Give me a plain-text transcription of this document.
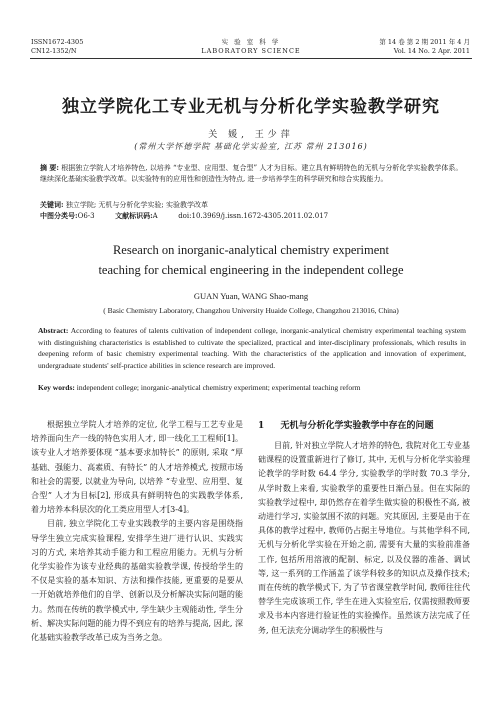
ISSN1672-4305
CN12-1352/N
实 验 室 科 学
LABORATORY SCIENCE
第 14 卷 第 2 期 2011 年 4 月
Vol. 14 No. 2 Apr. 2011
独立学院化工专业无机与分析化学实验教学研究
关 媛, 王少萍
(常州大学怀德学院 基础化学实验室, 江苏 常州 213016)
摘 要: 根据独立学院人才培养特色, 以培养 “专业型、应用型、复合型” 人才为目标。建立具有鲜明特色的无机与分析化学实验教学体系。继续深化基础实验教学改革。以实验特有的应用性和创造性为特点, 进一步培养学生的科学研究和综合实践能力。
关键词: 独立学院; 无机与分析化学实验; 实验教学改革
中图分类号:O6-3	文献标识码:A	doi:10.3969/j.issn.1672-4305.2011.02.017
Research on inorganic-analytical chemistry experiment
teaching for chemical engineering in the independent college
GUAN Yuan, WANG Shao-mang
( Basic Chemistry Laboratory, Changzhou University Huaide College, Changzhou 213016, China)
Abstract: According to features of talents cultivation of independent college, inorganic-analytical chemistry experimental teaching system with distinguishing characteristics is established to cultivate the specialized, practical and inter-disciplinary professionals, which results in deepening reform of basic chemistry experimental teaching. With the characteristics of the application and innovation of experiment, undergraduate students' self-practice abilities in science research are improved.
Key words: independent college; inorganic-analytical chemistry experiment; experimental teaching reform

根据独立学院人才培养的定位, 化学工程与工艺专业是培养面向生产一线的特色实用人才, 即一线化工工程师[1]。该专业人才培养要体现 “基本要求加特长” 的原则, 采取 “厚基础、强能力、高素质、有特长” 的人才培养模式, 按照市场和社会的需要, 以就业为导向, 以培养 “专业型、应用型、复合型” 人才为目标[2], 形成具有鲜明特色的实践教学体系, 着力培养本科层次的化工类应用型人才[3-4]。

目前, 独立学院化工专业实践教学的主要内容是围绕指导学生独立完成实验课程, 安排学生进厂进行认识、实践实习的方式, 来培养其动手能力和工程应用能力。无机与分析化学实验作为该专业经典的基础实验教学课, 传授给学生的不仅是实验的基本知识、方法和操作技能, 更重要的是要从一开始就培养他们的自学、创新以及分析解决实际问题的能力。然而在传统的教学模式中, 学生缺少主观能动性, 学生分析、解决实际问题的能力得不到应有的培养与提高, 因此, 深化基础实验教学改革已成为当务之急。

1 无机与分析化学实验教学中存在的问题

目前, 针对独立学院人才培养的特色, 我院对化工专业基础课程的设置重新进行了修订, 其中, 无机与分析化学实验理论教学的学时数 64.4 学分, 实验教学的学时数 70.3 学分, 从学时数上来看, 实验教学的重要性日渐凸显。但在实际的实验教学过程中, 却仍然存在着学生做实验的积极性不高, 被动进行学习, 实验氛围不浓的问题。究其原因, 主要是由于在具体的教学过程中, 教师仍占据主导地位。与其他学科不同, 无机与分析化学实验在开始之前, 需要有大量的实验前准备工作, 包括所用溶液的配制、标定, 以及仪器的准备、调试等, 这一系列的工作涵盖了该学科较多的知识点及操作技术; 而在传统的教学模式下, 为了节省课堂教学时间, 教师往往代替学生完成该项工作, 学生在进入实验室后, 仅需按照教师要求及书本内容进行验证性的实验操作。虽然该方法完成了任务, 但无法充分调动学生的积极性与
